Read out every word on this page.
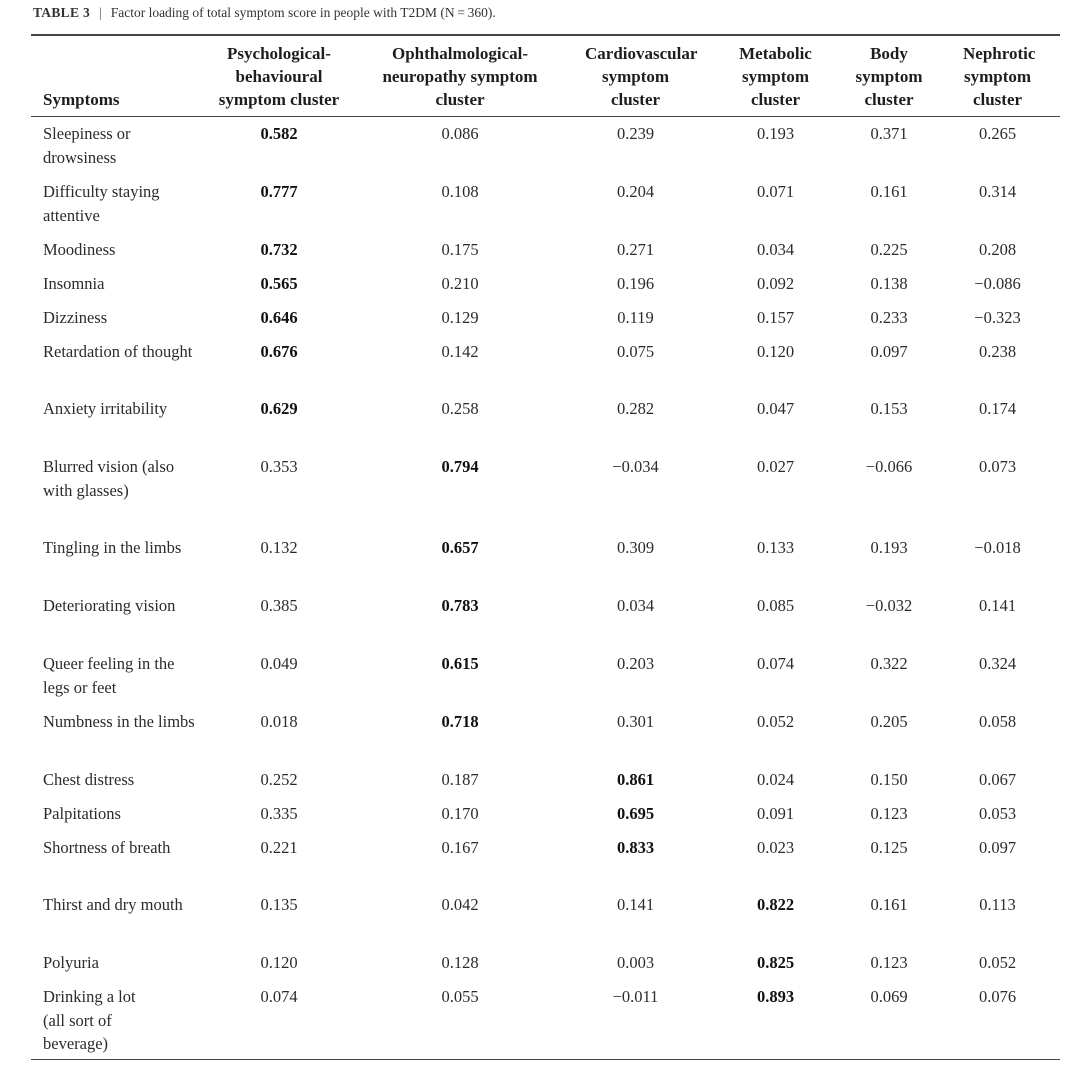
TABLE 3 | Factor loading of total symptom score in people with T2DM (N = 360).
Symptoms	Psychological-behavioural symptom cluster	Ophthalmological-neuropathy symptom cluster	Cardiovascular symptom cluster	Metabolic symptom cluster	Body symptom cluster	Nephrotic symptom cluster
Sleepiness or drowsiness	0.582	0.086	0.239	0.193	0.371	0.265
Difficulty staying attentive	0.777	0.108	0.204	0.071	0.161	0.314
Moodiness	0.732	0.175	0.271	0.034	0.225	0.208
Insomnia	0.565	0.210	0.196	0.092	0.138	−0.086
Dizziness	0.646	0.129	0.119	0.157	0.233	−0.323
Retardation of thought	0.676	0.142	0.075	0.120	0.097	0.238
Anxiety irritability	0.629	0.258	0.282	0.047	0.153	0.174
Blurred vision (also with glasses)	0.353	0.794	−0.034	0.027	−0.066	0.073
Tingling in the limbs	0.132	0.657	0.309	0.133	0.193	−0.018
Deteriorating vision	0.385	0.783	0.034	0.085	−0.032	0.141
Queer feeling in the legs or feet	0.049	0.615	0.203	0.074	0.322	0.324
Numbness in the limbs	0.018	0.718	0.301	0.052	0.205	0.058
Chest distress	0.252	0.187	0.861	0.024	0.150	0.067
Palpitations	0.335	0.170	0.695	0.091	0.123	0.053
Shortness of breath	0.221	0.167	0.833	0.023	0.125	0.097
Thirst and dry mouth	0.135	0.042	0.141	0.822	0.161	0.113
Polyuria	0.120	0.128	0.003	0.825	0.123	0.052
Drinking a lot (all sort of beverage)	0.074	0.055	−0.011	0.893	0.069	0.076
